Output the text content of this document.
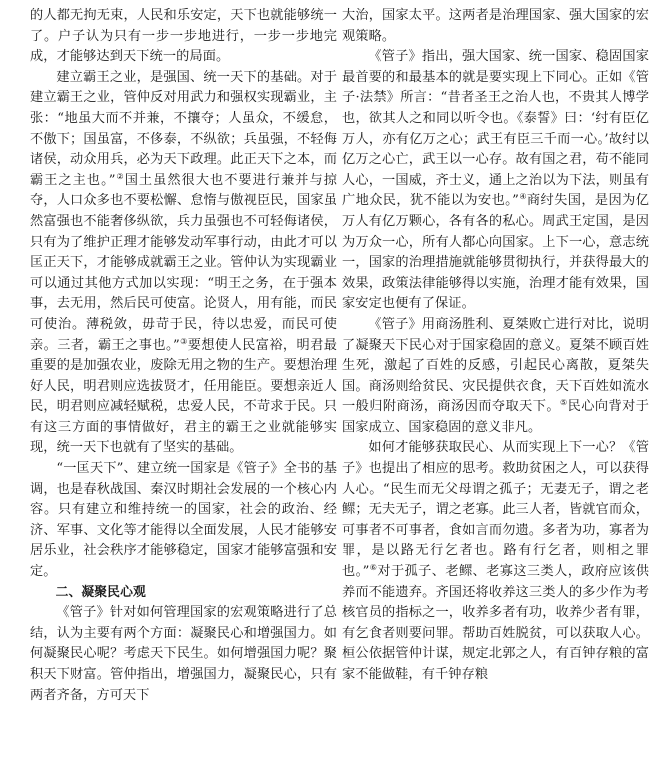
的人都无拘无束，人民和乐安定，天下也就能够统一了。户子认为只有一步一步地进行，一步一步地完成，才能够达到天下统一的局面。

建立霸王之业，是强国、统一天下的基础。对于建立霸王之业，管仲反对用武力和强权实现霸业，主张：“地虽大而不并兼，不攘夺；人虽众，不缓怠，不傲下；国虽富，不侈泰，不纵欲；兵虽强，不轻侮诸侯，动众用兵，必为天下政理。此正天下之本，而霸王之主也。”②国土虽然很大也不要进行兼并与掠夺，人口众多也不要松懈、怠惰与傲视臣民，国家虽然富强也不能奢侈纵欲，兵力虽强也不可轻侮诸侯，只有为了维护正理才能够发动军事行动，由此才可以匡正天下，才能够成就霸王之业。管仲认为实现霸业可以通过其他方式加以实现：“明王之务，在于强本事，去无用，然后民可使富。论贤人，用有能，而民可使治。薄税敛，毋苛于民，待以忠爱，而民可使亲。三者，霸王之事也。”③要想使人民富裕，明君最重要的是加强农业，废除无用之物的生产。要想治理好人民，明君则应选拔贤才，任用能臣。要想亲近人民，明君则应减轻赋税，忠爱人民，不苛求于民。只有这三方面的事情做好，君主的霸王之业就能够实现，统一天下也就有了坚实的基础。

“一匡天下”、建立统一国家是《管子》全书的基调，也是春秋战国、秦汉时期社会发展的一个核心内容。只有建立和维持统一的国家，社会的政治、经济、军事、文化等才能得以全面发展，人民才能够安居乐业，社会秩序才能够稳定，国家才能够富强和安定。

二、凝聚民心观

《管子》针对如何管理国家的宏观策略进行了总结，认为主要有两个方面：凝聚民心和增强国力。如何凝聚民心呢？考虑天下民生。如何增强国力呢？聚积天下财富。管仲指出，增强国力，凝聚民心，只有两者齐备，方可天下

大治，国家太平。这两者是治理国家、强大国家的宏观策略。

《管子》指出，强大国家、统一国家、稳固国家最首要的和最基本的就是要实现上下同心。正如《管子·法禁》所言：“昔者圣王之治人也，不贵其人博学也，欲其人之和同以听令也。《泰誓》曰：‘纣有臣亿万人，亦有亿万之心；武王有臣三千而一心。’故纣以亿万之心亡，武王以一心存。故有国之君，苟不能同人心，一国威，齐士义，通上之治以为下法，则虽有广地众民，犹不能以为安也。”④商纣失国，是因为亿万人有亿万颗心，各有各的私心。周武王定国，是因为万众一心，所有人都心向国家。上下一心，意志统一，国家的治理措施就能够贯彻执行，并获得最大的效果，政策法律能够得以实施，治理才能有效果，国家安定也便有了保证。

《管子》用商汤胜利、夏桀败亡进行对比，说明了凝聚天下民心对于国家稳固的意义。夏桀不顾百姓生死，激起了百姓的反感，引起民心离散，夏桀失国。商汤则给贫民、灾民提供衣食，天下百姓如流水一般归附商汤，商汤因而夺取天下。⑤民心向背对于国家成立、国家稳固的意义非凡。

如何才能够获取民心、从而实现上下一心？《管子》也提出了相应的思考。救助贫困之人，可以获得人心。“民生而无父母谓之孤子；无妻无子，谓之老鳏；无夫无子，谓之老寡。此三人者，皆就官而众，可事者不可事者，食如言而勿遗。多者为功，寡者为罪，是以路无行乞者也。路有行乞者，则相之罪也。”⑥对于孤子、老鳏、老寡这三类人，政府应该供养而不能遗弃。齐国还将收养这三类人的多少作为考核官员的指标之一，收养多者有功，收养少者有罪，有乞食者则要问罪。帮助百姓脱贫，可以获取人心。桓公依据管仲计谋，规定北郭之人，有百钟存粮的富家不能做鞋，有千钟存粮
